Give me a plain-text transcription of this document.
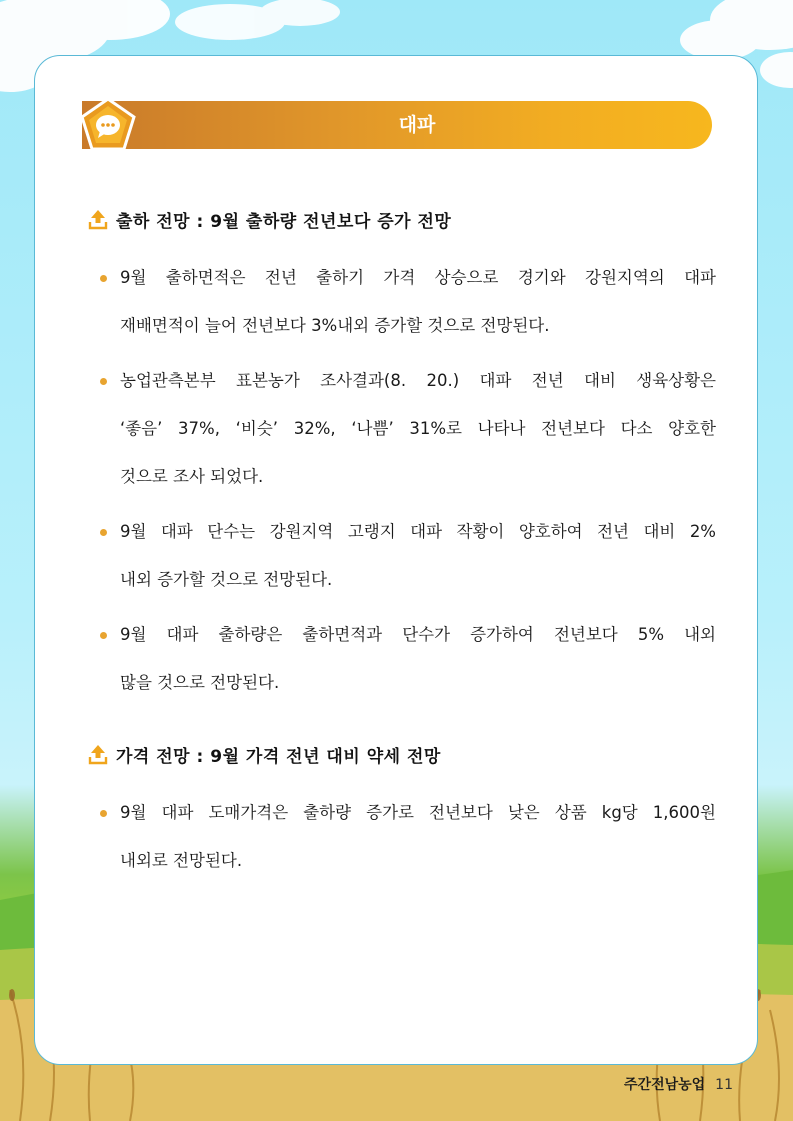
대파
출하 전망 : 9월 출하량 전년보다 증가 전망
9월 출하면적은 전년 출하기 가격 상승으로 경기와 강원지역의 대파
재배면적이 늘어 전년보다 3%내외 증가할 것으로 전망된다.
농업관측본부 표본농가 조사결과(8. 20.) 대파 전년 대비 생육상황은
‘좋음’ 37%, ‘비슷’ 32%, ‘나쁨’ 31%로 나타나 전년보다 다소 양호한
것으로 조사 되었다.
9월 대파 단수는 강원지역 고랭지 대파 작황이 양호하여 전년 대비 2%
내외 증가할 것으로 전망된다.
9월 대파 출하량은 출하면적과 단수가 증가하여 전년보다 5% 내외
많을 것으로 전망된다.
가격 전망 : 9월 가격 전년 대비 약세 전망
9월 대파 도매가격은 출하량 증가로 전년보다 낮은 상품 kg당 1,600원
내외로 전망된다.
주간전남농업 11
